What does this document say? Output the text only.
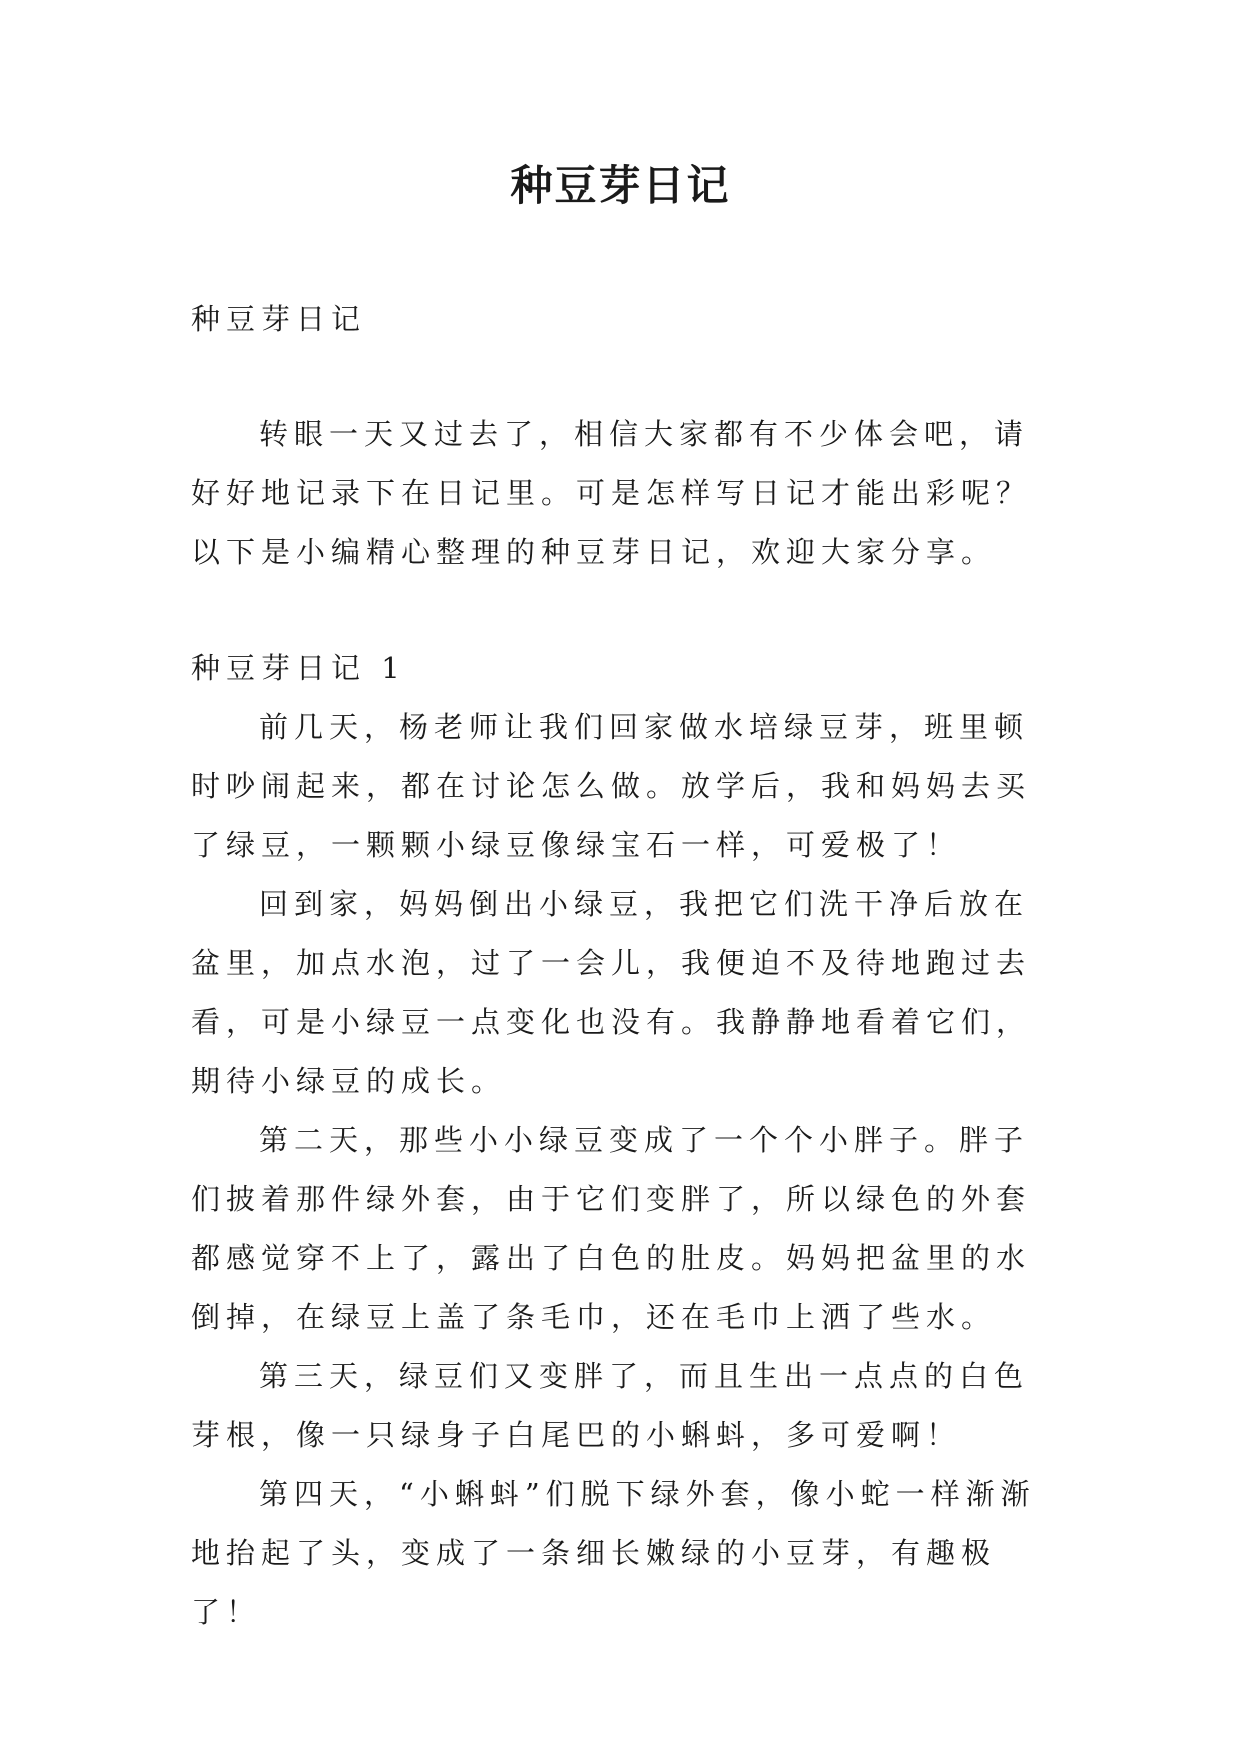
种豆芽日记

种豆芽日记

转眼一天又过去了，相信大家都有不少体会吧，请好好地记录下在日记里。可是怎样写日记才能出彩呢？以下是小编精心整理的种豆芽日记，欢迎大家分享。

种豆芽日记 1

前几天，杨老师让我们回家做水培绿豆芽，班里顿时吵闹起来，都在讨论怎么做。放学后，我和妈妈去买了绿豆，一颗颗小绿豆像绿宝石一样，可爱极了！

回到家，妈妈倒出小绿豆，我把它们洗干净后放在盆里，加点水泡，过了一会儿，我便迫不及待地跑过去看，可是小绿豆一点变化也没有。我静静地看着它们，期待小绿豆的成长。

第二天，那些小小绿豆变成了一个个小胖子。胖子们披着那件绿外套，由于它们变胖了，所以绿色的外套都感觉穿不上了，露出了白色的肚皮。妈妈把盆里的水倒掉，在绿豆上盖了条毛巾，还在毛巾上洒了些水。

第三天，绿豆们又变胖了，而且生出一点点的白色芽根，像一只绿身子白尾巴的小蝌蚪，多可爱啊！

第四天，“小蝌蚪”们脱下绿外套，像小蛇一样渐渐地抬起了头，变成了一条细长嫩绿的小豆芽，有趣极了！
